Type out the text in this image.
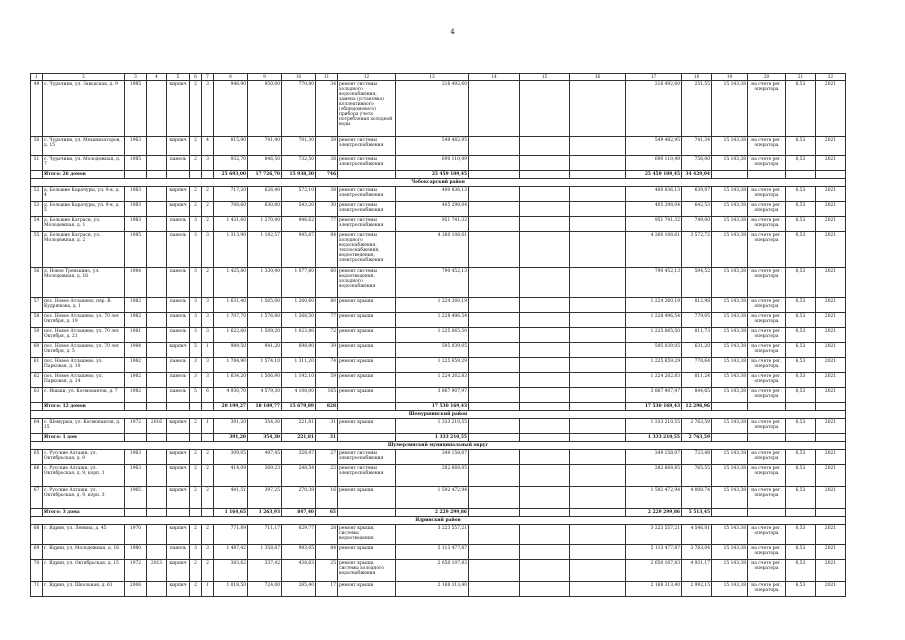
4
1	2	3	4	5	6	7	8	9	10	11	12	13	14	15	16	17	18	19	20	21	22
49	с. Чурачики, ул. Заводская, д. 9	1985		кирпич	2	3	946,90	850,00	770,80	34	ремонт системы холодного водоснабжения, замена (установка) коллективного (общедомового) прибора учета потребления холодной воды	216 492,60				216 492,60	251,55	15 143,38	на счете рег. оператора	6,53	2021
50	с. Чурачики, ул. Механизаторов, д. 15	1963		кирпич	2	4	815,90	741,40	701,30	39	ремонт системы электроснабжения	549 482,95				549 482,95	741,34	15 143,38	на счете рег. оператора	6,53	2021
51	с. Чурачики, ул. Молодежная, д. 7	1985		панель	2	3	932,70	846,50	732,50	38	ремонт системы электроснабжения	690 110,49				690 110,49	756,00	15 143,38	на счете рег. оператора	6,53	2021
	Итого: 26 домов						25 693,00	17 726,70	15 938,30	746		25 459 109,45				25 459 109,45	34 429,94				
Чебоксарский район																					
52	д. Большие Карачуры, ул. 9-я, д. 4	1983		кирпич	2	2	717,20	626,40	572,10	38	ремонт системы электроснабжения	400 836,13				400 836,13	639,97	15 143,38	на счете рег. оператора	6,53	2021
53	д. Большие Карачуры, ул. 9-я, д. 5	1983		кирпич	2	2	708,60	630,80	543,20	30	ремонт системы электроснабжения	405 298,04				405 298,04	642,53	15 143,38	на счете рег. оператора	6,53	2021
54	д. Большие Катраси, ул. Молодежная, д. 1	1983		панель	3	2	1 431,60	1 270,40	946,62	77	ремонт системы электроснабжения	951 741,32				951 741,32	749,00	15 143,38	на счете рег. оператора	6,53	2021
55	д. Большие Катраси, ул. Молодежная, д. 2	1985		панель	3	3	1 313,90	1 192,57	945,87	84	ремонт системы холодного водоснабжения, теплоснабжения, водоотведения, электроснабжения	4 260 108,61				4 260 108,61	3 572,72	15 143,38	на счете рег. оператора	6,53	2021
56	д. Новое Тренькино, ул. Молодежная, д. 16	1984		панель	3	2	1 425,80	1 330,40	1 077,60	60	ремонт системы водоотведения, холодного водоснабжения	790 452,13				790 452,13	594,52	15 143,38	на счете рег. оператора	6,53	2021
57	пос. Новое Атлашево, пер. В. Кудряшова, д. 1	1982		панель	3	3	1 631,40	1 505,00	1 260,60	80	ремонт крыши	1 224 260,19				1 224 260,19	812,98	15 143,38	на счете рег. оператора	6,53	2021
58	пос. Новое Атлашево, ул. 70 лет Октября, д. 19	1982		панель	3	3	1 707,70	1 576,80	1 268,50	77	ремонт крыши	1 228 496,54				1 228 496,54	779,05	15 143,38	на счете рег. оператора	6,53	2021
59	пос. Новое Атлашево, ул. 70 лет Октября, д. 21	1981		панель	3	3	1 622,60	1 509,20	1 023,80	72	ремонт крыши	1 225 065,50				1 225 065,50	811,73	15 143,38	на счете рег. оператора	6,53	2021
60	пос. Новое Атлашево, ул. 70 лет Октября, д. 5	1984		кирпич	5	1	989,50	941,20	698,80	39	ремонт крыши	595 039,05				595 039,05	631,20	15 143,38	на счете рег. оператора	6,53	2021
61	пос. Новое Атлашево, ул. Парковая, д. 10	1982		панель	3	3	1 784,90	1 574,10	1 311,20	74	ремонт крыши	1 225 659,29				1 225 659,29	778,64	15 143,38	на счете рег. оператора	6,53	2021
62	пос. Новое Атлашево, ул. Парковая, д. 14	1982		панель	3	3	1 634,20	1 506,90	1 192,10	59	ремонт крыши	1 224 262,83				1 224 262,83	811,24	15 143,38	на счете рег. оператора	6,53	2021
63	с. Ишаки, ул. Космонавтов, д. 7	1982		панель	5	6	4 930,70	4 579,30	4 108,00	165	ремонт крыши	3 867 907,97				3 867 907,97	844,65	15 143,38	на счете рег. оператора	6,53	2021
	Итого: 12 домов						20 199,27	18 109,77	15 679,89	828		17 530 169,43				17 530 169,43	12 296,96				
Шемуршинский район																					
64	с. Шемурша, ул. Космонавтов, д. 15	1972	2016	кирпич	2	1	391,20	354,30	221,81	31	ремонт крыши	1 333 210,55				1 333 210,55	2 763,59	15 143,38	на счете рег. оператора	6,53	2021
	Итого: 1 дом						391,20	354,30	221,81	31		1 333 210,55				1 333 210,55	2 763,59				
Шумерлинский муниципальный округ																					
65	с. Русские Алгаши, ул. Октябрьская, д. 9	1963		кирпич	2	2	309,05	497,45	328,47	27	ремонт системы электроснабжения	349 158,07				349 158,07	723,48	15 143,38	на счете рег. оператора	6,53	2021
66	с. Русские Алгаши, ул. Октябрьская, д. 9, корп. 1	1963		кирпич	2	2	414,09	369,23	248,54	22	ремонт системы электроснабжения	282 668,85				282 668,85	765,55	15 143,38	на счете рег. оператора	6,53	2021
67	с. Русские Алгаши, ул. Октябрьская, д. 9, корп. 3	1965		кирпич	2	2	441,51	397,25	270,39	16	ремонт крыши	1 592 472,94				1 592 472,94	4 008,74	15 143,38	на счете рег. оператора	6,53	2021
	Итого: 3 дома						1 164,65	1 263,93	847,40	65		2 229 299,86				2 229 299,86	5 513,45				
Ядринский район																					
68	г. Ядрин, ул. Ленина, д. 45	1970		кирпич	2	2	771,89	711,17	629,77	28	ремонт крыши, системы водоотведения	3 223 557,21				3 223 557,21	4 546,81	15 143,38	на счете рег. оператора	6,53	2021
69	г. Ядрин, ул. Молодежная, д. 16	1980		панель	3	3	1 487,42	1 358,87	983,65	84	ремонт крыши	5 113 477,87				5 113 477,87	3 763,04	15 143,38	на счете рег. оператора	6,53	2021
70	г. Ядрин, ул. Октябрьская, д. 15	1972	2013	кирпич	2	2	383,62	337,42	438,63	25	ремонт крыши, системы холодного водоснабжения	2 650 107,83				2 650 107,83	4 931,17	15 143,38	на счете рег. оператора	6,53	2021
71	г. Ядрин, ул. Школьная, д. 61	2006		кирпич	2	1	1 018,50	724,00	265,40	17	ремонт крыши	2 168 313,40				2 168 313,40	2 992,15	15 143,38	на счете рег. оператора	6,53	2021
